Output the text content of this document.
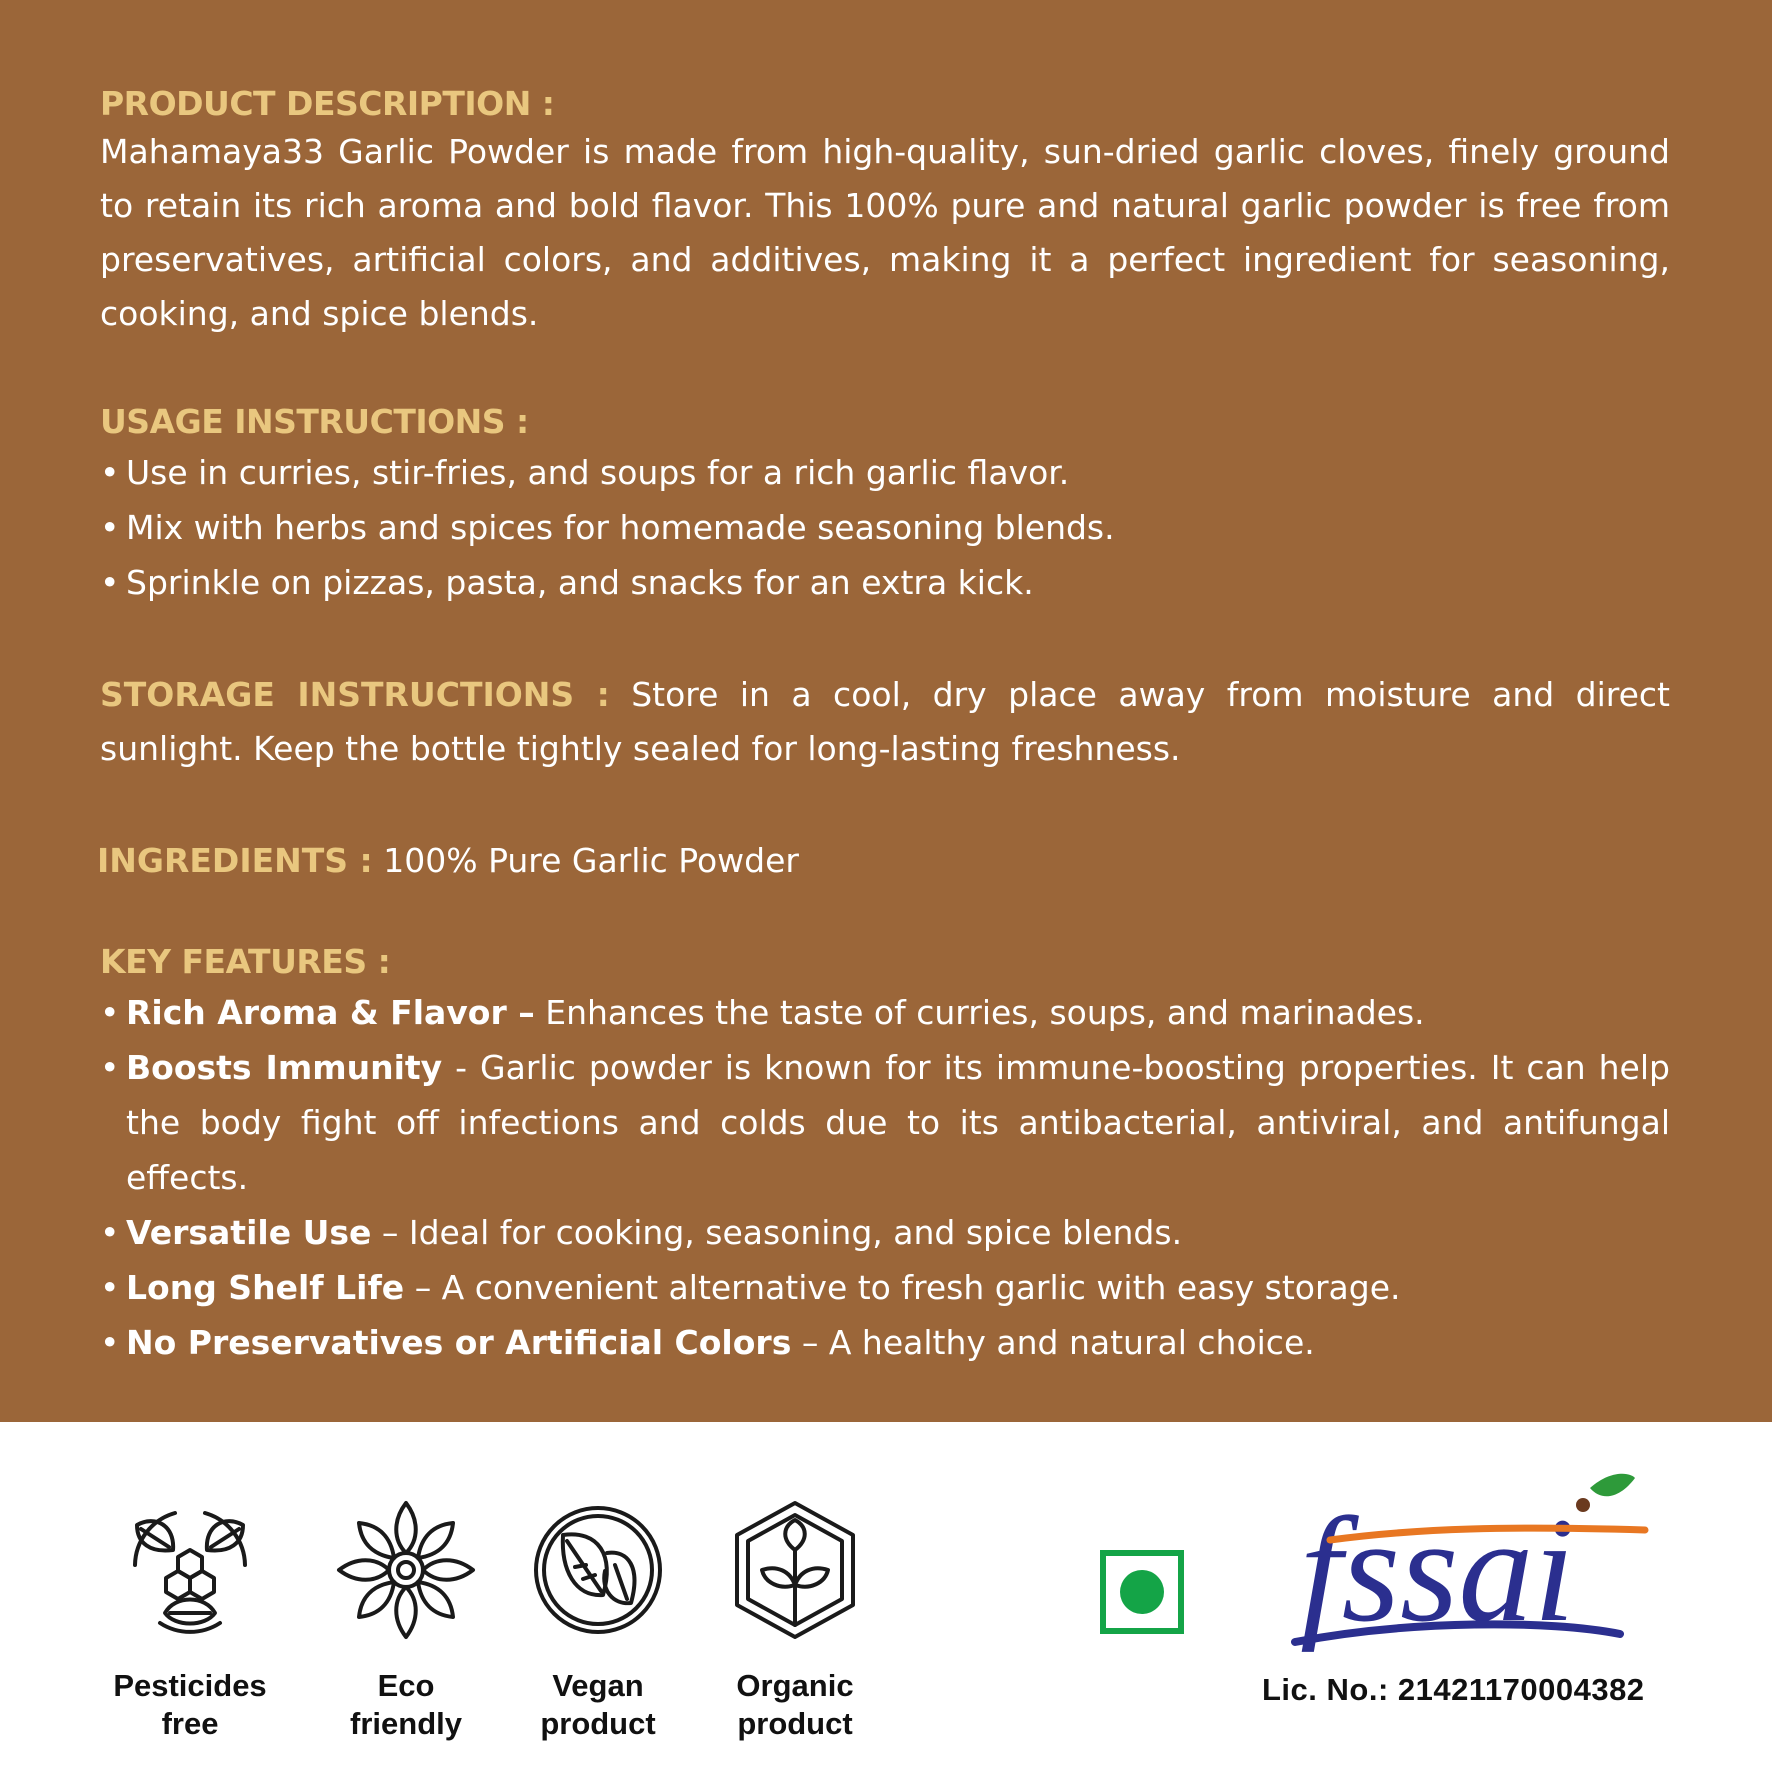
PRODUCT DESCRIPTION :
Mahamaya33 Garlic Powder is made from high-quality, sun-dried garlic cloves, finely ground to retain its rich aroma and bold flavor. This 100% pure and natural garlic powder is free from preservatives, artificial colors, and additives, making it a perfect ingredient for seasoning, cooking, and spice blends.
USAGE INSTRUCTIONS :
• Use in curries, stir-fries, and soups for a rich garlic flavor.
• Mix with herbs and spices for homemade seasoning blends.
• Sprinkle on pizzas, pasta, and snacks for an extra kick.
STORAGE INSTRUCTIONS : Store in a cool, dry place away from moisture and direct sunlight. Keep the bottle tightly sealed for long-lasting freshness.
INGREDIENTS : 100% Pure Garlic Powder
KEY FEATURES :
• Rich Aroma & Flavor – Enhances the taste of curries, soups, and marinades.
• Boosts Immunity - Garlic powder is known for its immune-boosting properties. It can help the body fight off infections and colds due to its antibacterial, antiviral, and antifungal effects.
• Versatile Use – Ideal for cooking, seasoning, and spice blends.
• Long Shelf Life – A convenient alternative to fresh garlic with easy storage.
• No Preservatives or Artificial Colors – A healthy and natural choice.
Pesticides
free
Eco
friendly
Vegan
product
Organic
product
fssai
Lic. No.: 21421170004382
